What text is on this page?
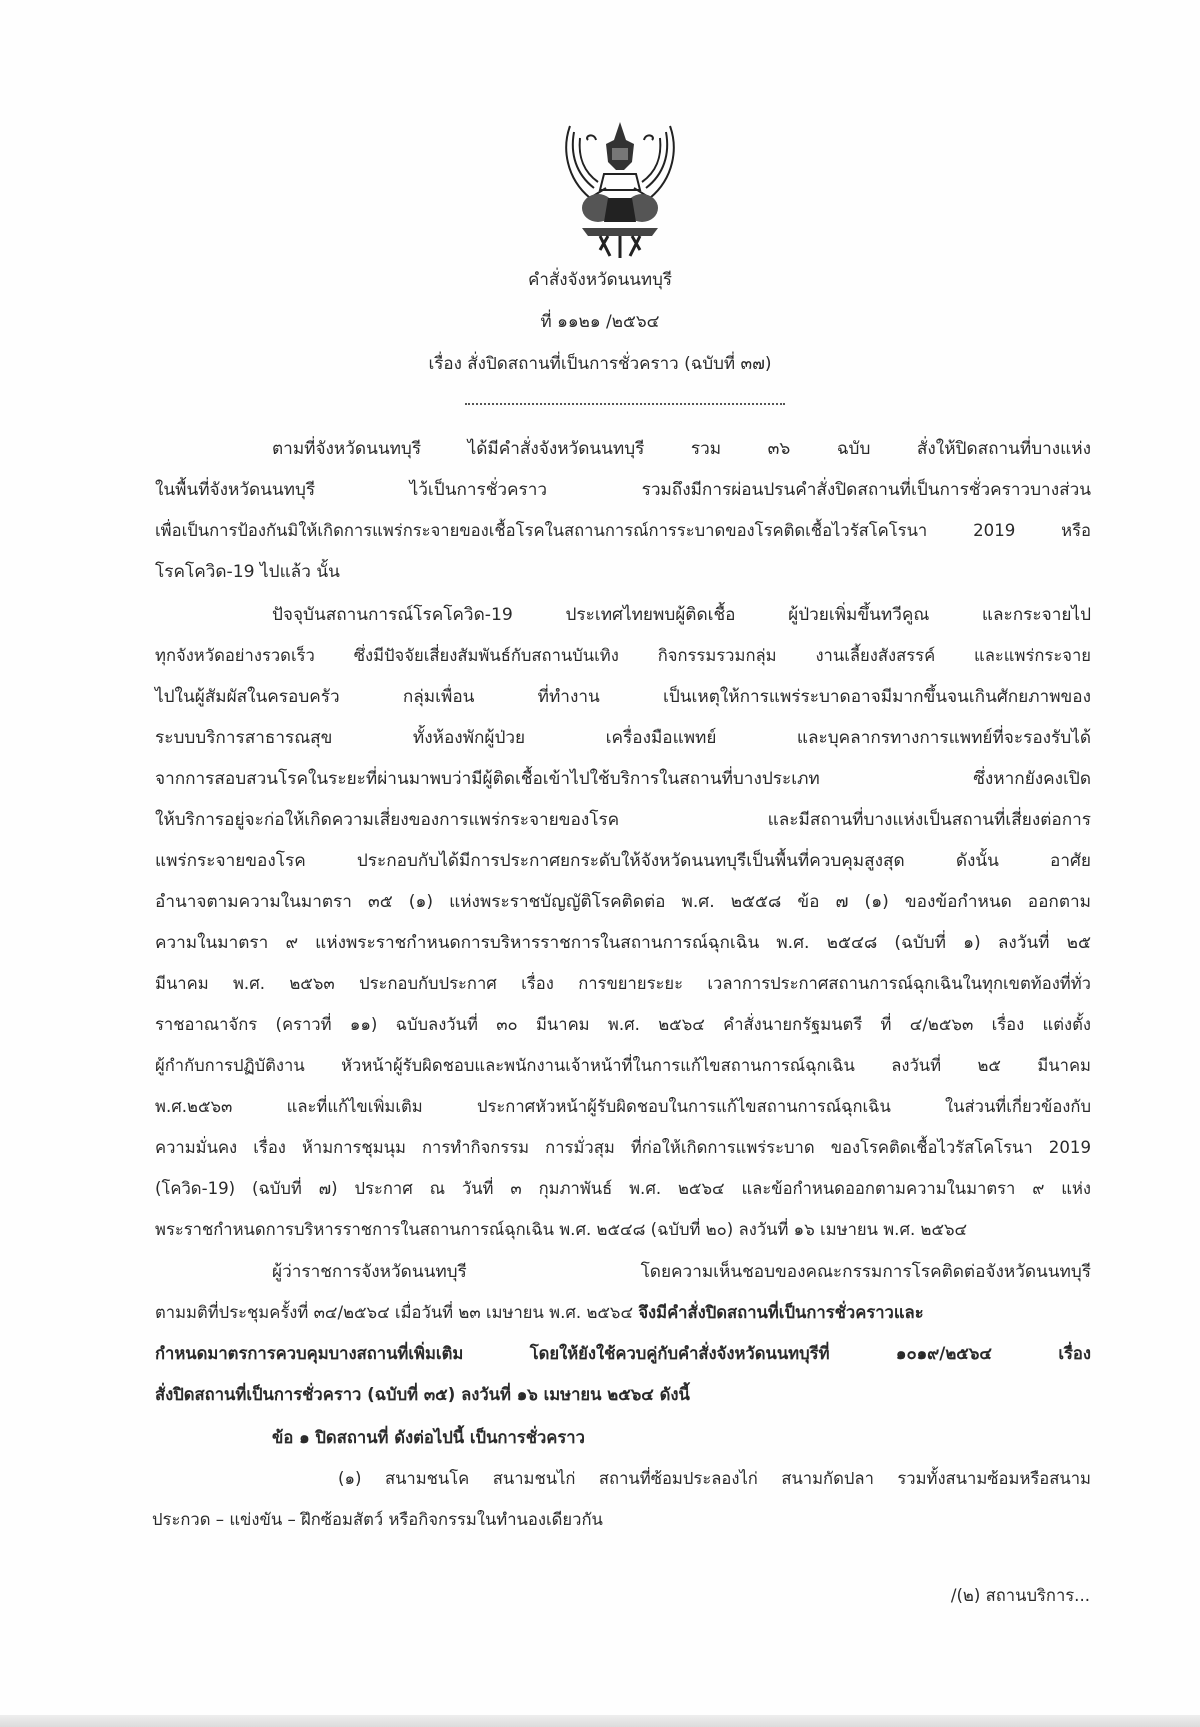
คำสั่งจังหวัดนนทบุรี
ที่ ๑๑๒๑ /๒๕๖๔
เรื่อง สั่งปิดสถานที่เป็นการชั่วคราว (ฉบับที่ ๓๗)
ตามที่จังหวัดนนทบุรี ได้มีคำสั่งจังหวัดนนทบุรี รวม ๓๖ ฉบับ สั่งให้ปิดสถานที่บางแห่ง
ในพื้นที่จังหวัดนนทบุรี ไว้เป็นการชั่วคราว รวมถึงมีการผ่อนปรนคำสั่งปิดสถานที่เป็นการชั่วคราวบางส่วน
เพื่อเป็นการป้องกันมิให้เกิดการแพร่กระจายของเชื้อโรคในสถานการณ์การระบาดของโรคติดเชื้อไวรัสโคโรนา 2019 หรือ
โรคโควิด-19 ไปแล้ว นั้น
ปัจจุบันสถานการณ์โรคโควิด-19 ประเทศไทยพบผู้ติดเชื้อ ผู้ป่วยเพิ่มขึ้นทวีคูณ และกระจายไป
ทุกจังหวัดอย่างรวดเร็ว ซึ่งมีปัจจัยเสี่ยงสัมพันธ์กับสถานบันเทิง กิจกรรมรวมกลุ่ม งานเลี้ยงสังสรรค์ และแพร่กระจาย
ไปในผู้สัมผัสในครอบครัว กลุ่มเพื่อน ที่ทำงาน เป็นเหตุให้การแพร่ระบาดอาจมีมากขึ้นจนเกินศักยภาพของ
ระบบบริการสาธารณสุข ทั้งห้องพักผู้ป่วย เครื่องมือแพทย์ และบุคลากรทางการแพทย์ที่จะรองรับได้
จากการสอบสวนโรคในระยะที่ผ่านมาพบว่ามีผู้ติดเชื้อเข้าไปใช้บริการในสถานที่บางประเภท ซึ่งหากยังคงเปิด
ให้บริการอยู่จะก่อให้เกิดความเสี่ยงของการแพร่กระจายของโรค และมีสถานที่บางแห่งเป็นสถานที่เสี่ยงต่อการ
แพร่กระจายของโรค ประกอบกับได้มีการประกาศยกระดับให้จังหวัดนนทบุรีเป็นพื้นที่ควบคุมสูงสุด ดังนั้น อาศัย
อำนาจตามความในมาตรา ๓๕ (๑) แห่งพระราชบัญญัติโรคติดต่อ พ.ศ. ๒๕๕๘ ข้อ ๗ (๑) ของข้อกำหนด ออกตาม
ความในมาตรา ๙ แห่งพระราชกำหนดการบริหารราชการในสถานการณ์ฉุกเฉิน พ.ศ. ๒๕๔๘ (ฉบับที่ ๑) ลงวันที่ ๒๕
มีนาคม พ.ศ. ๒๕๖๓ ประกอบกับประกาศ เรื่อง การขยายระยะ เวลาการประกาศสถานการณ์ฉุกเฉินในทุกเขตท้องที่ทั่ว
ราชอาณาจักร (คราวที่ ๑๑) ฉบับลงวันที่ ๓๐ มีนาคม พ.ศ. ๒๕๖๔ คำสั่งนายกรัฐมนตรี ที่ ๔/๒๕๖๓ เรื่อง แต่งตั้ง
ผู้กำกับการปฏิบัติงาน หัวหน้าผู้รับผิดชอบและพนักงานเจ้าหน้าที่ในการแก้ไขสถานการณ์ฉุกเฉิน ลงวันที่ ๒๕ มีนาคม
พ.ศ.๒๕๖๓ และที่แก้ไขเพิ่มเติม ประกาศหัวหน้าผู้รับผิดชอบในการแก้ไขสถานการณ์ฉุกเฉิน ในส่วนที่เกี่ยวข้องกับ
ความมั่นคง เรื่อง ห้ามการชุมนุม การทำกิจกรรม การมั่วสุม ที่ก่อให้เกิดการแพร่ระบาด ของโรคติดเชื้อไวรัสโคโรนา 2019
(โควิด-19) (ฉบับที่ ๗) ประกาศ ณ วันที่ ๓ กุมภาพันธ์ พ.ศ. ๒๕๖๔ และข้อกำหนดออกตามความในมาตรา ๙ แห่ง
พระราชกำหนดการบริหารราชการในสถานการณ์ฉุกเฉิน พ.ศ. ๒๕๔๘ (ฉบับที่ ๒๐) ลงวันที่ ๑๖ เมษายน พ.ศ. ๒๕๖๔
ผู้ว่าราชการจังหวัดนนทบุรี โดยความเห็นชอบของคณะกรรมการโรคติดต่อจังหวัดนนทบุรี
ตามมติที่ประชุมครั้งที่ ๓๔/๒๕๖๔ เมื่อวันที่ ๒๓ เมษายน พ.ศ. ๒๕๖๔ จึงมีคำสั่งปิดสถานที่เป็นการชั่วคราวและ
กำหนดมาตรการควบคุมบางสถานที่เพิ่มเติม โดยให้ยังใช้ควบคู่กับคำสั่งจังหวัดนนทบุรีที่ ๑๐๑๙/๒๕๖๔ เรื่อง
สั่งปิดสถานที่เป็นการชั่วคราว (ฉบับที่ ๓๕) ลงวันที่ ๑๖ เมษายน ๒๕๖๔ ดังนี้
ข้อ ๑ ปิดสถานที่ ดังต่อไปนี้ เป็นการชั่วคราว
(๑) สนามชนโค สนามชนไก่ สถานที่ซ้อมประลองไก่ สนามกัดปลา รวมทั้งสนามซ้อมหรือสนาม
ประกวด – แข่งขัน – ฝึกซ้อมสัตว์ หรือกิจกรรมในทำนองเดียวกัน
/(๒) สถานบริการ...
